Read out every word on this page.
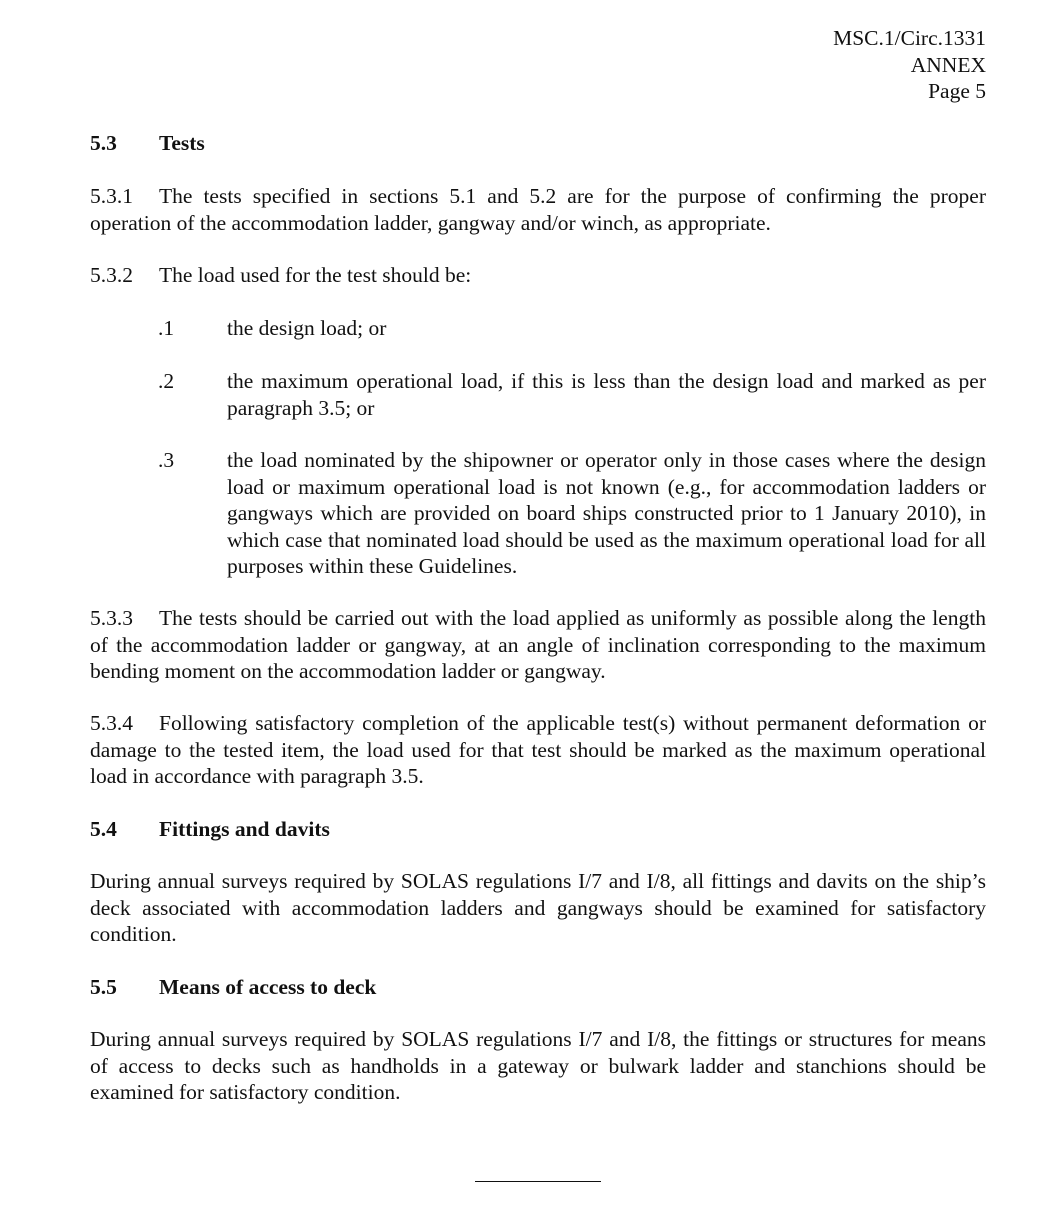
MSC.1/Circ.1331
ANNEX
Page 5
5.3 Tests
5.3.1 The tests specified in sections 5.1 and 5.2 are for the purpose of confirming the proper operation of the accommodation ladder, gangway and/or winch, as appropriate.
5.3.2 The load used for the test should be:
.1	the design load; or
.2	the maximum operational load, if this is less than the design load and marked as per paragraph 3.5; or
.3	the load nominated by the shipowner or operator only in those cases where the design load or maximum operational load is not known (e.g., for accommodation ladders or gangways which are provided on board ships constructed prior to 1 January 2010), in which case that nominated load should be used as the maximum operational load for all purposes within these Guidelines.
5.3.3 The tests should be carried out with the load applied as uniformly as possible along the length of the accommodation ladder or gangway, at an angle of inclination corresponding to the maximum bending moment on the accommodation ladder or gangway.
5.3.4 Following satisfactory completion of the applicable test(s) without permanent deformation or damage to the tested item, the load used for that test should be marked as the maximum operational load in accordance with paragraph 3.5.
5.4 Fittings and davits
During annual surveys required by SOLAS regulations I/7 and I/8, all fittings and davits on the ship’s deck associated with accommodation ladders and gangways should be examined for satisfactory condition.
5.5 Means of access to deck
During annual surveys required by SOLAS regulations I/7 and I/8, the fittings or structures for means of access to decks such as handholds in a gateway or bulwark ladder and stanchions should be examined for satisfactory condition.
